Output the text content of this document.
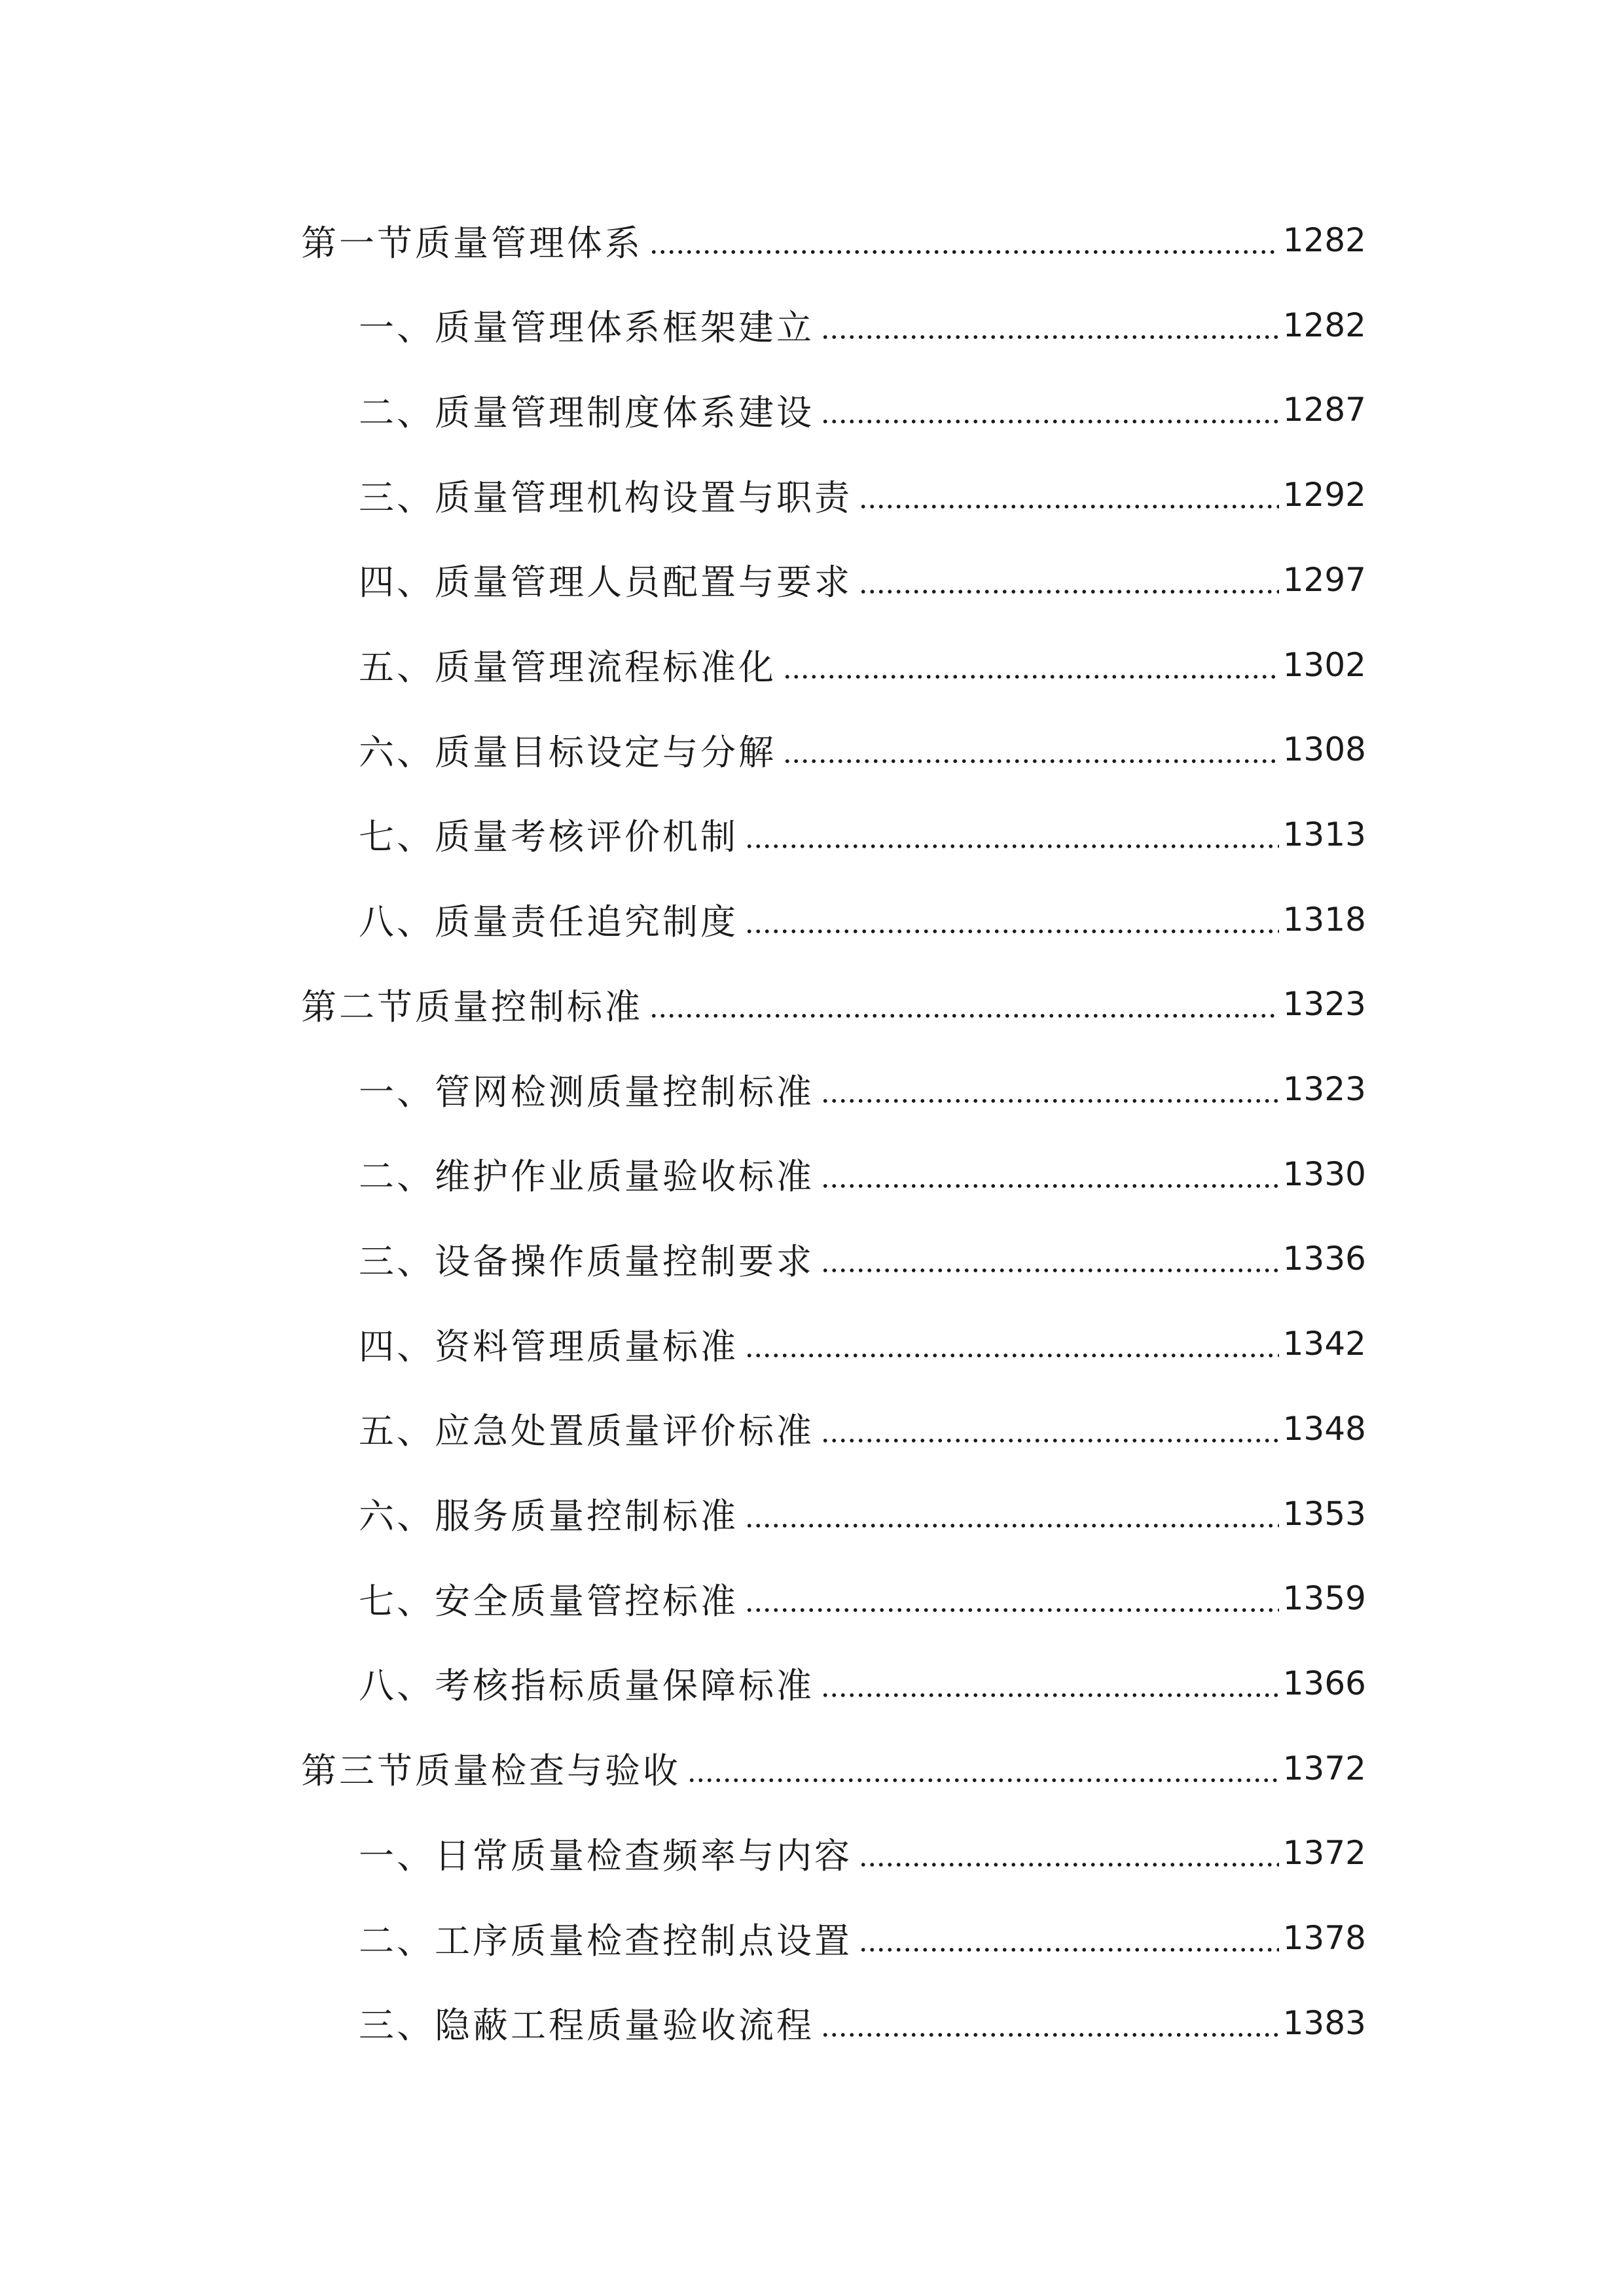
第一节质量管理体系	1282
一、质量管理体系框架建立	1282
二、质量管理制度体系建设	1287
三、质量管理机构设置与职责	1292
四、质量管理人员配置与要求	1297
五、质量管理流程标准化	1302
六、质量目标设定与分解	1308
七、质量考核评价机制	1313
八、质量责任追究制度	1318
第二节质量控制标准	1323
一、管网检测质量控制标准	1323
二、维护作业质量验收标准	1330
三、设备操作质量控制要求	1336
四、资料管理质量标准	1342
五、应急处置质量评价标准	1348
六、服务质量控制标准	1353
七、安全质量管控标准	1359
八、考核指标质量保障标准	1366
第三节质量检查与验收	1372
一、日常质量检查频率与内容	1372
二、工序质量检查控制点设置	1378
三、隐蔽工程质量验收流程	1383
